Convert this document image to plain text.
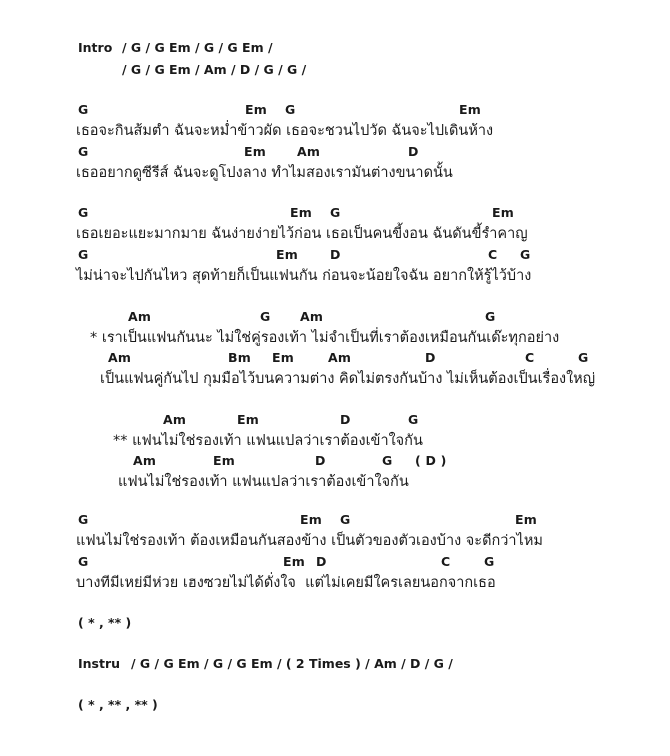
Intro / G / G Em / G / G Em /
/ G / G Em / Am / D / G / G /
G	Em G	Em
เธอจะกินส้มตำ ฉันจะหม่ำข้าวผัด เธอจะชวนไปวัด ฉันจะไปเดินห้าง
G	Em Am	D
เธออยากดูซีรีส์ ฉันจะดูโปงลาง ทำไมสองเรามันต่างขนาดนั้น
G	Em G	Em
เธอเยอะแยะมากมาย ฉันง่ายง่ายไว้ก่อน เธอเป็นคนขี้งอน ฉันดันขี้รำคาญ
G	Em	D	C G
ไม่น่าจะไปกันไหว สุดท้ายก็เป็นแฟนกัน ก่อนจะน้อยใจฉัน อยากให้รู้ไว้บ้าง
Am	G Am	G
* เราเป็นแฟนกันนะ ไม่ใช่คู่รองเท้า ไม่จำเป็นที่เราต้องเหมือนกันเด๊ะทุกอย่าง
Am	Bm Em	Am	D	C	G
เป็นแฟนคู่กันไป กุมมือไว้บนความต่าง คิดไม่ตรงกันบ้าง ไม่เห็นต้องเป็นเรื่องใหญ่
Am	Em	D	G
** แฟนไม่ใช่รองเท้า แฟนแปลว่าเราต้องเข้าใจกัน
Am	Em	D	G ( D )
แฟนไม่ใช่รองเท้า แฟนแปลว่าเราต้องเข้าใจกัน
G	Em G	Em
แฟนไม่ใช่รองเท้า ต้องเหมือนกันสองข้าง เป็นตัวของตัวเองบ้าง จะดีกว่าไหม
G	Em D	C	G
บางทีมีเหย่มีห่วย เฮงซวยไม่ได้ดั่งใจ  แต่ไม่เคยมีใครเลยนอกจากเธอ
( * , ** )
Instru / G / G Em / G / G Em / ( 2 Times ) / Am / D / G /
( * , ** , ** )
